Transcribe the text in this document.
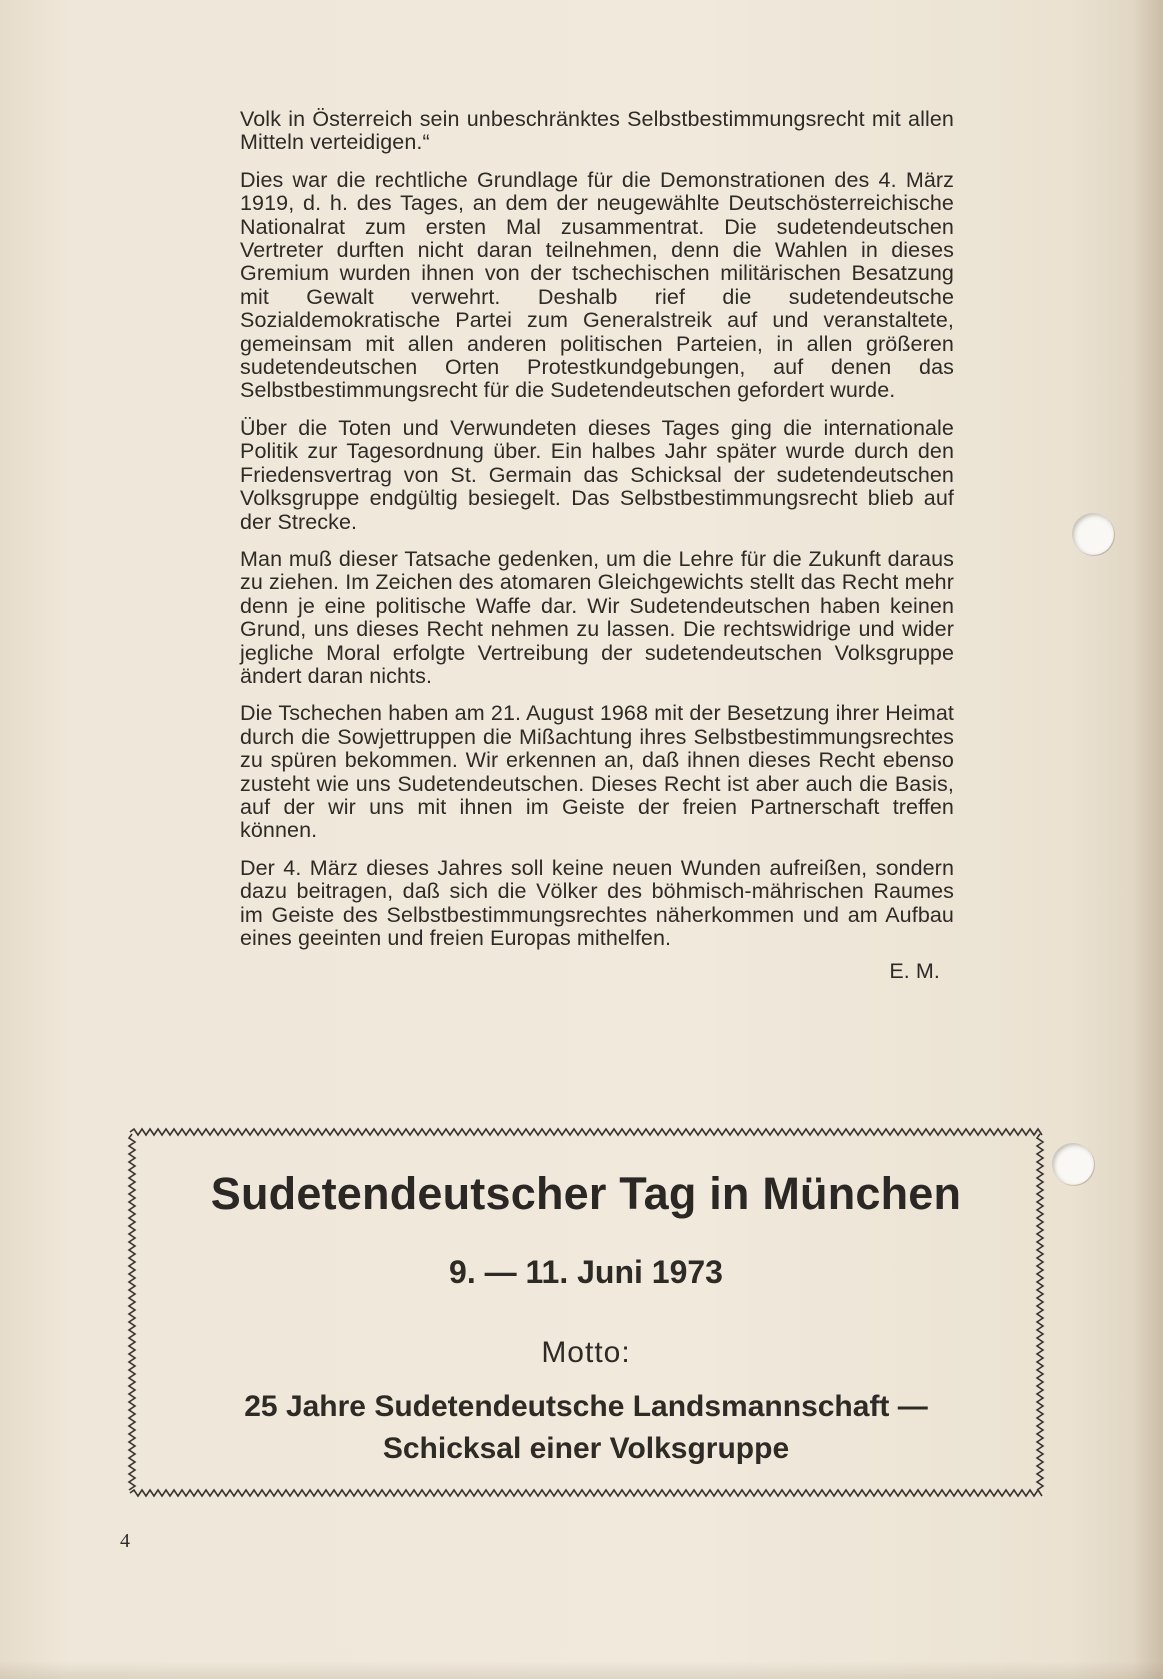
Volk in Österreich sein unbeschränktes Selbstbestimmungsrecht mit allen Mitteln verteidigen.“

Dies war die rechtliche Grundlage für die Demonstrationen des 4. März 1919, d. h. des Tages, an dem der neugewählte Deutschösterreichische Nationalrat zum ersten Mal zusammentrat. Die sudetendeutschen Vertreter durften nicht daran teilnehmen, denn die Wahlen in dieses Gremium wurden ihnen von der tschechischen militärischen Besatzung mit Gewalt verwehrt. Deshalb rief die sudetendeutsche Sozialdemokratische Partei zum Generalstreik auf und veranstaltete, gemeinsam mit allen anderen politischen Parteien, in allen größeren sudetendeutschen Orten Protestkundgebungen, auf denen das Selbstbestimmungsrecht für die Sudetendeutschen gefordert wurde.

Über die Toten und Verwundeten dieses Tages ging die internationale Politik zur Tagesordnung über. Ein halbes Jahr später wurde durch den Friedensvertrag von St. Germain das Schicksal der sudetendeutschen Volksgruppe endgültig besiegelt. Das Selbstbestimmungsrecht blieb auf der Strecke.

Man muß dieser Tatsache gedenken, um die Lehre für die Zukunft daraus zu ziehen. Im Zeichen des atomaren Gleichgewichts stellt das Recht mehr denn je eine politische Waffe dar. Wir Sudetendeutschen haben keinen Grund, uns dieses Recht nehmen zu lassen. Die rechtswidrige und wider jegliche Moral erfolgte Vertreibung der sudetendeutschen Volksgruppe ändert daran nichts.

Die Tschechen haben am 21. August 1968 mit der Besetzung ihrer Heimat durch die Sowjettruppen die Mißachtung ihres Selbstbestimmungsrechtes zu spüren bekommen. Wir erkennen an, daß ihnen dieses Recht ebenso zusteht wie uns Sudetendeutschen. Dieses Recht ist aber auch die Basis, auf der wir uns mit ihnen im Geiste der freien Partnerschaft treffen können.

Der 4. März dieses Jahres soll keine neuen Wunden aufreißen, sondern dazu beitragen, daß sich die Völker des böhmisch-mährischen Raumes im Geiste des Selbstbestimmungsrechtes näherkommen und am Aufbau eines geeinten und freien Europas mithelfen.

E. M.

Sudetendeutscher Tag in München

9. — 11. Juni 1973

Motto:

25 Jahre Sudetendeutsche Landsmannschaft —
Schicksal einer Volksgruppe

4
